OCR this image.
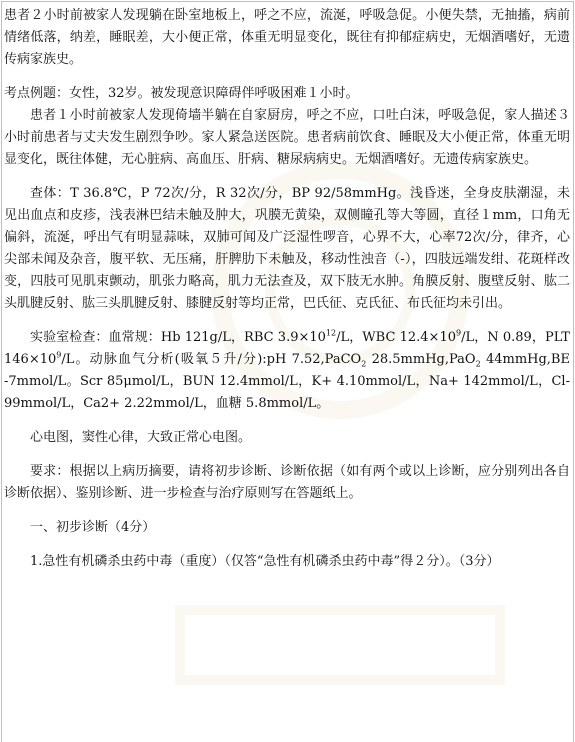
患者２小时前被家人发现躺在卧室地板上，呼之不应，流涎，呼吸急促。小便失禁，无抽搐，病前情绪低落，纳差，睡眠差，大小便正常，体重无明显变化，既往有抑郁症病史，无烟酒嗜好，无遗传病家族史。

考点例题：女性，32岁。被发现意识障碍伴呼吸困难１小时。

患者１小时前被家人发现倚墙半躺在自家厨房，呼之不应，口吐白沫，呼吸急促，家人描述３小时前患者与丈夫发生剧烈争吵。家人紧急送医院。患者病前饮食、睡眠及大小便正常，体重无明显变化，既往体健，无心脏病、高血压、肝病、糖尿病病史。无烟酒嗜好。无遗传病家族史。

查体：T 36.8℃，P 72次/分，R 32次/分，BP 92/58mmHg。浅昏迷，全身皮肤潮湿，未见出血点和皮疹，浅表淋巴结未触及肿大，巩膜无黄染，双侧瞳孔等大等圆，直径１mm，口角无偏斜，流涎，呼出气有明显蒜味，双肺可闻及广泛湿性啰音，心界不大，心率72次/分，律齐，心尖部未闻及杂音，腹平软、无压痛，肝脾肋下未触及，移动性浊音（-），四肢远端发绀、花斑样改变，四肢可见肌束颤动，肌张力略高，肌力无法查及，双下肢无水肿。角膜反射、腹壁反射、肱二头肌腱反射、肱三头肌腱反射、膝腱反射等均正常，巴氏征、克氏征、布氏征均未引出。

实验室检查：血常规：Hb 121g/L，RBC $3.9\times 10^{12}/L$，WBC $12.4\times 10^9/L$，N 0.89，PLT $146\times 10^9/L$。动脉血气分析(吸氧５升/分):pH 7.52,PaCO$_2$ 28.5mmHg,PaO$_2$ 44mmHg,BE -7mmol/L。Scr 85μmol/L，BUN 12.4mmol/L，K+ 4.10mmol/L，Na+ 142mmol/L，Cl- 99mmol/L，Ca2+ 2.22mmol/L，血糖 5.8mmol/L。

心电图，窦性心律，大致正常心电图。

要求：根据以上病历摘要，请将初步诊断、诊断依据（如有两个或以上诊断，应分别列出各自诊断依据）、鉴别诊断、进一步检查与治疗原则写在答题纸上。

一、初步诊断（4分）

1.急性有机磷杀虫药中毒（重度）（仅答“急性有机磷杀虫药中毒”得２分）。（3分）
